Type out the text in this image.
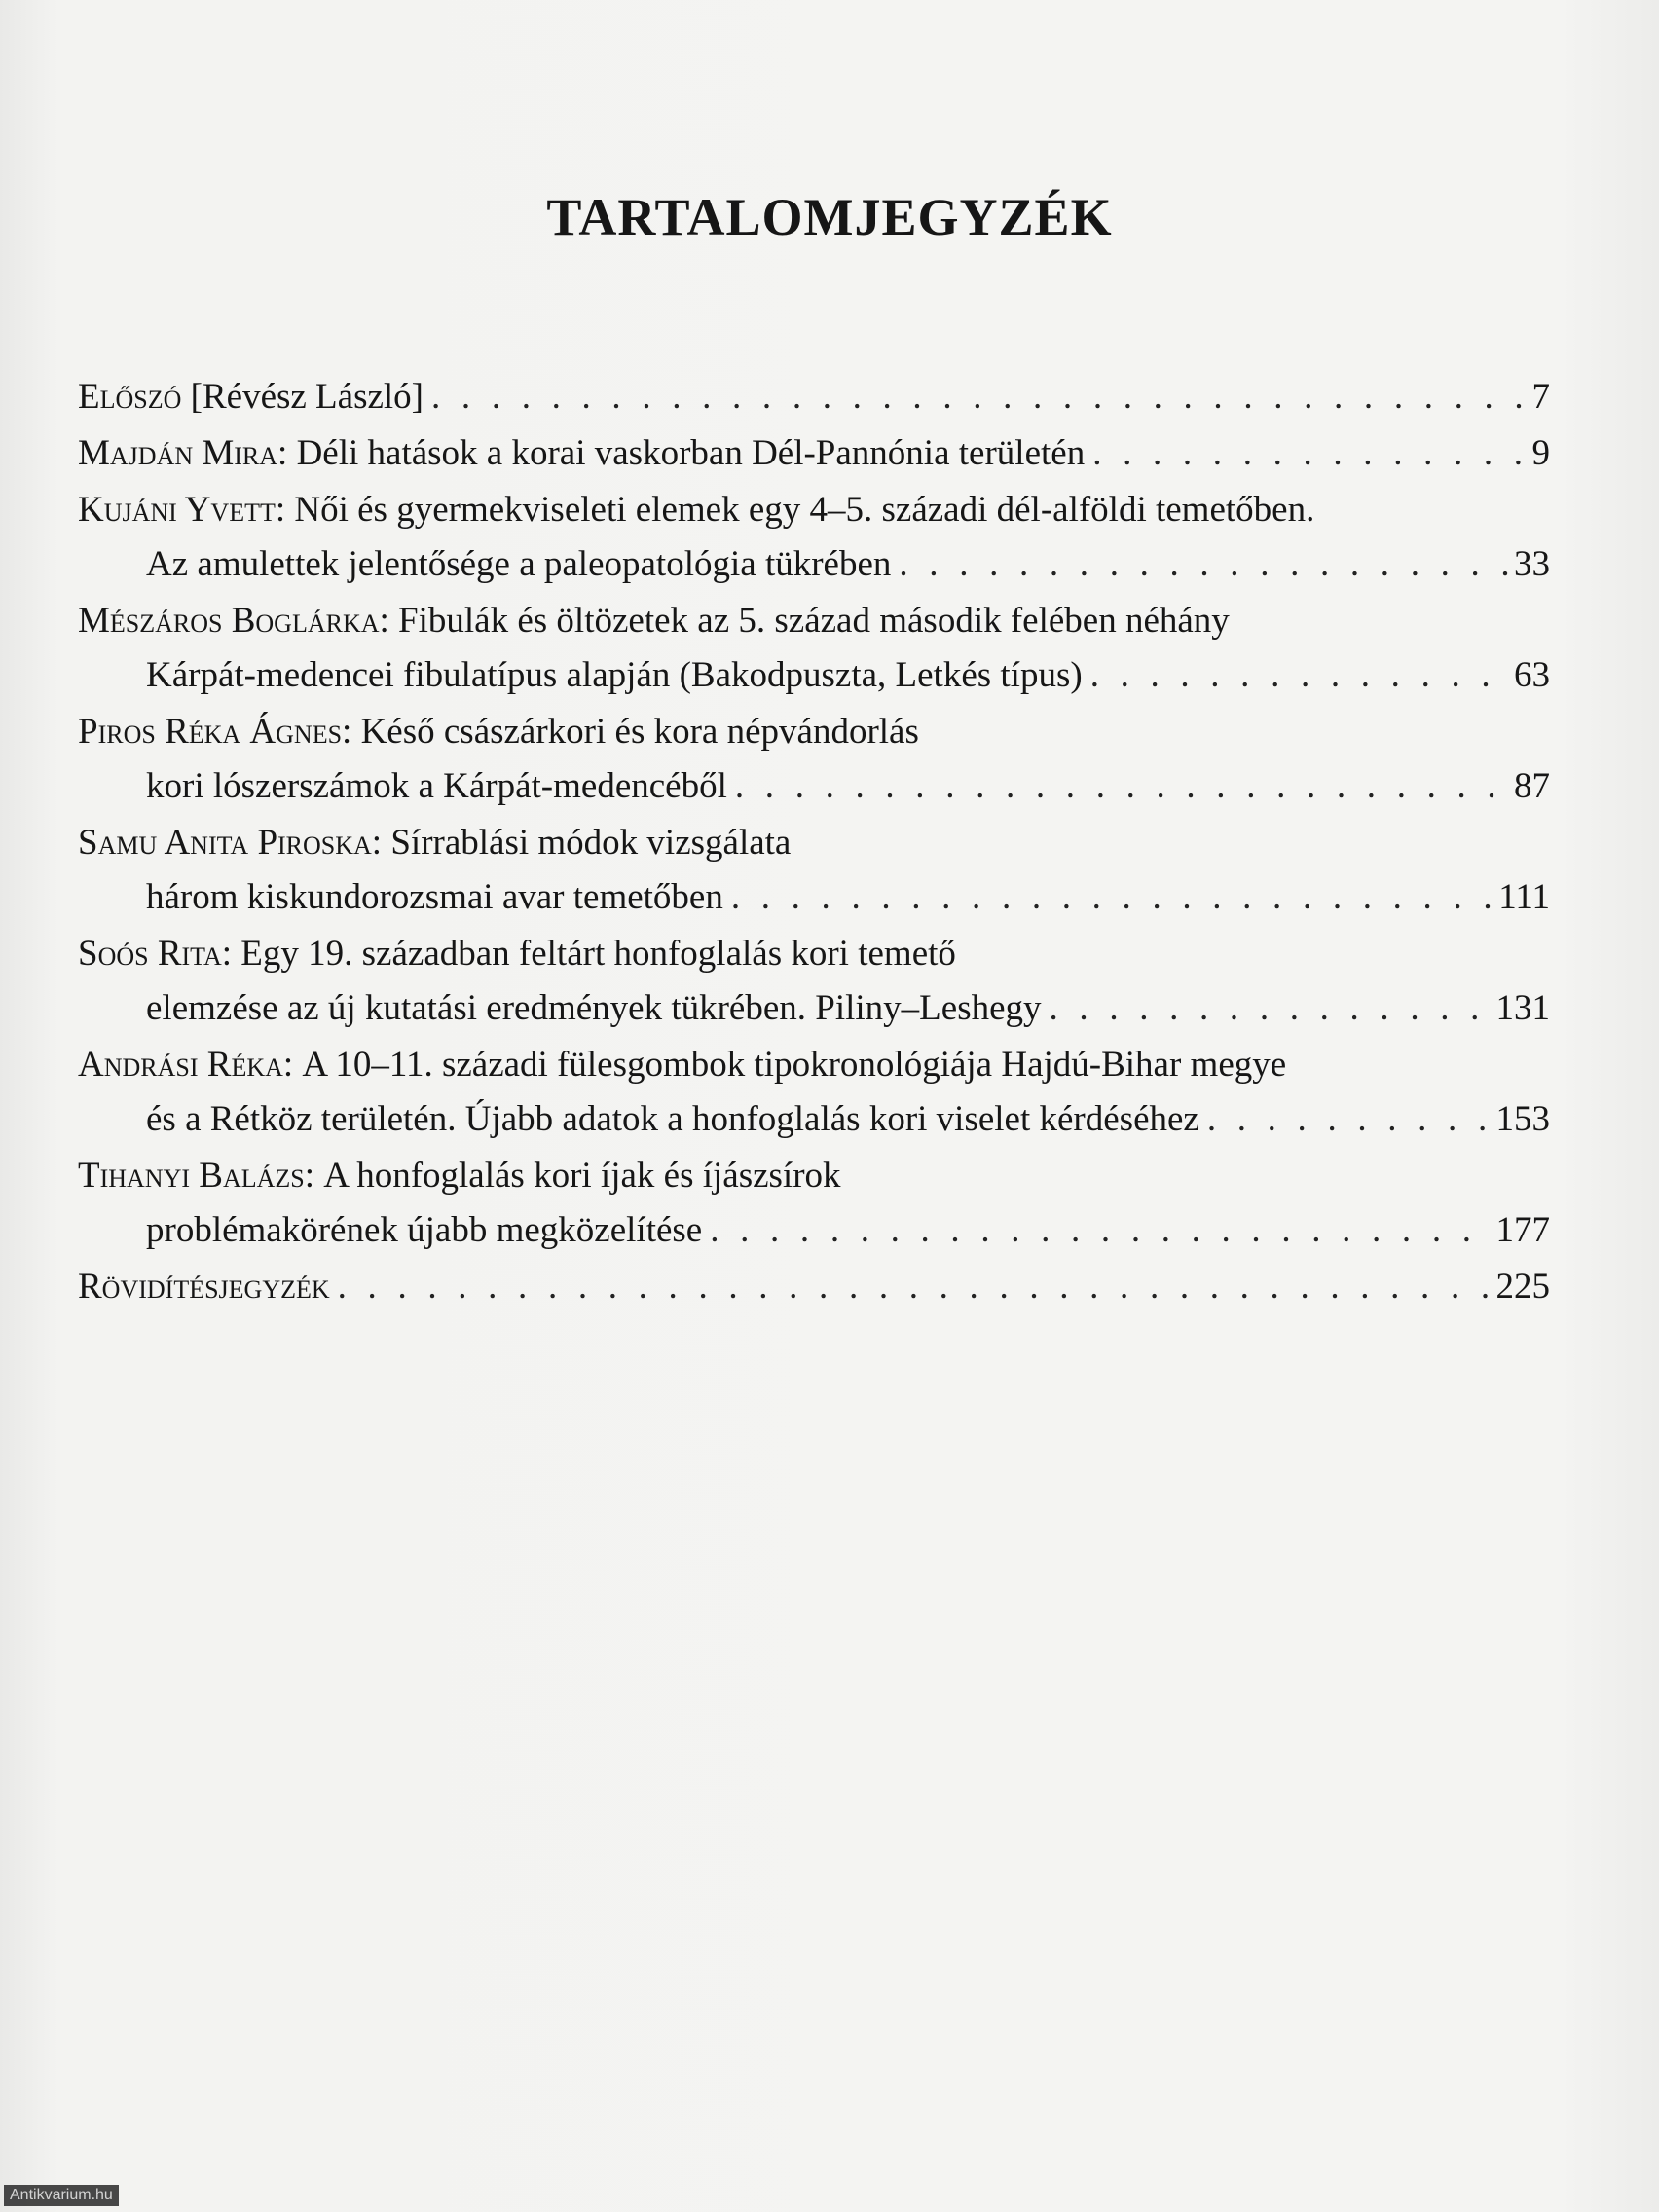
TARTALOMJEGYZÉK
Előszó
[Révész László] . . .	7
Majdán Mira:
Déli hatások a korai vaskorban Dél-Pannónia területén . . .	9
Kujáni Yvett:
Női és gyermekviseleti elemek egy 4–5. századi dél-alföldi temetőben.
Az amulettek jelentősége a paleopatológia tükrében . . .	33
Mészáros Boglárka:
Fibulák és öltözetek az 5. század második felében néhány
Kárpát-medencei fibulatípus alapján (Bakodpuszta, Letkés típus) . . .	63
Piros Réka Ágnes:
Késő császárkori és kora népvándorlás
kori lószerszámok a Kárpát-medencéből . . .	87
Samu Anita Piroska:
Sírrablási módok vizsgálata
három kiskundorozsmai avar temetőben . . .	111
Soós Rita:
Egy 19. században feltárt honfoglalás kori temető
elemzése az új kutatási eredmények tükrében. Piliny–Leshegy . . .	131
Andrási Réka:
A 10–11. századi fülesgombok tipokronológiája Hajdú-Bihar megye
és a Rétköz területén. Újabb adatok a honfoglalás kori viselet kérdéséhez . . .	153
Tihanyi Balázs:
A honfoglalás kori íjak és íjászsírok
problémakörének újabb megközelítése . . .	177
Rövidítésjegyzék . . .	225
Antikvarium.hu
